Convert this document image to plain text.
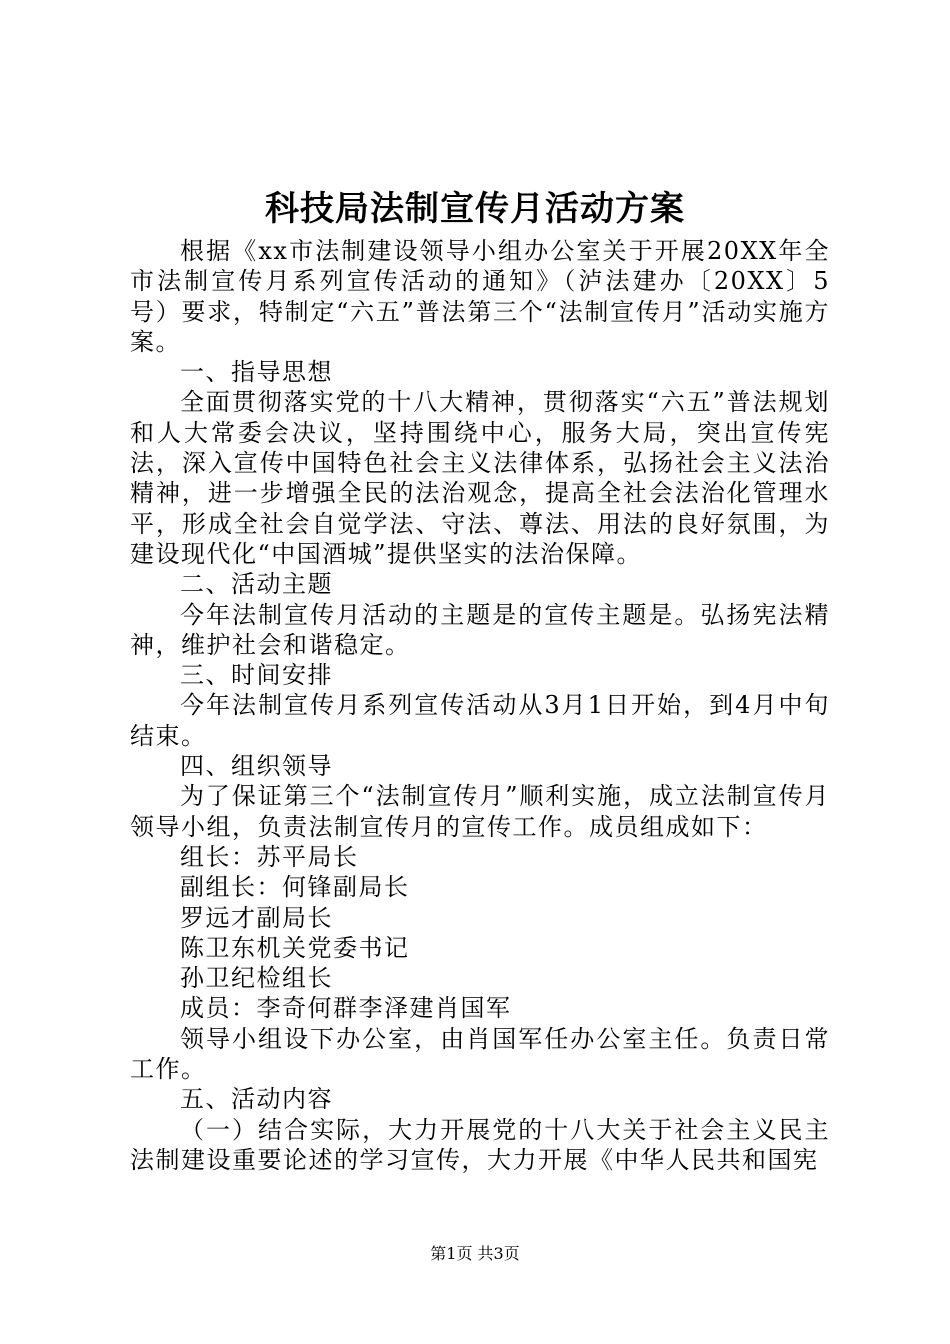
科技局法制宣传月活动方案

根据《xx市法制建设领导小组办公室关于开展20XX年全市法制宣传月系列宣传活动的通知》（泸法建办〔20XX〕5号）要求，特制定“六五”普法第三个“法制宣传月”活动实施方案。

一、指导思想

全面贯彻落实党的十八大精神，贯彻落实“六五”普法规划和人大常委会决议，坚持围绕中心，服务大局，突出宣传宪法，深入宣传中国特色社会主义法律体系，弘扬社会主义法治精神，进一步增强全民的法治观念，提高全社会法治化管理水平，形成全社会自觉学法、守法、尊法、用法的良好氛围，为建设现代化“中国酒城”提供坚实的法治保障。

二、活动主题

今年法制宣传月活动的主题是的宣传主题是。弘扬宪法精神，维护社会和谐稳定。

三、时间安排

今年法制宣传月系列宣传活动从3月1日开始，到4月中旬结束。

四、组织领导

为了保证第三个“法制宣传月”顺利实施，成立法制宣传月领导小组，负责法制宣传月的宣传工作。成员组成如下：

组长：苏平局长

副组长：何锋副局长

罗远才副局长

陈卫东机关党委书记

孙卫纪检组长

成员：李奇何群李泽建肖国军

领导小组设下办公室，由肖国军任办公室主任。负责日常工作。

五、活动内容

（一）结合实际，大力开展党的十八大关于社会主义民主法制建设重要论述的学习宣传，大力开展《中华人民共和国宪

第1页 共3页
